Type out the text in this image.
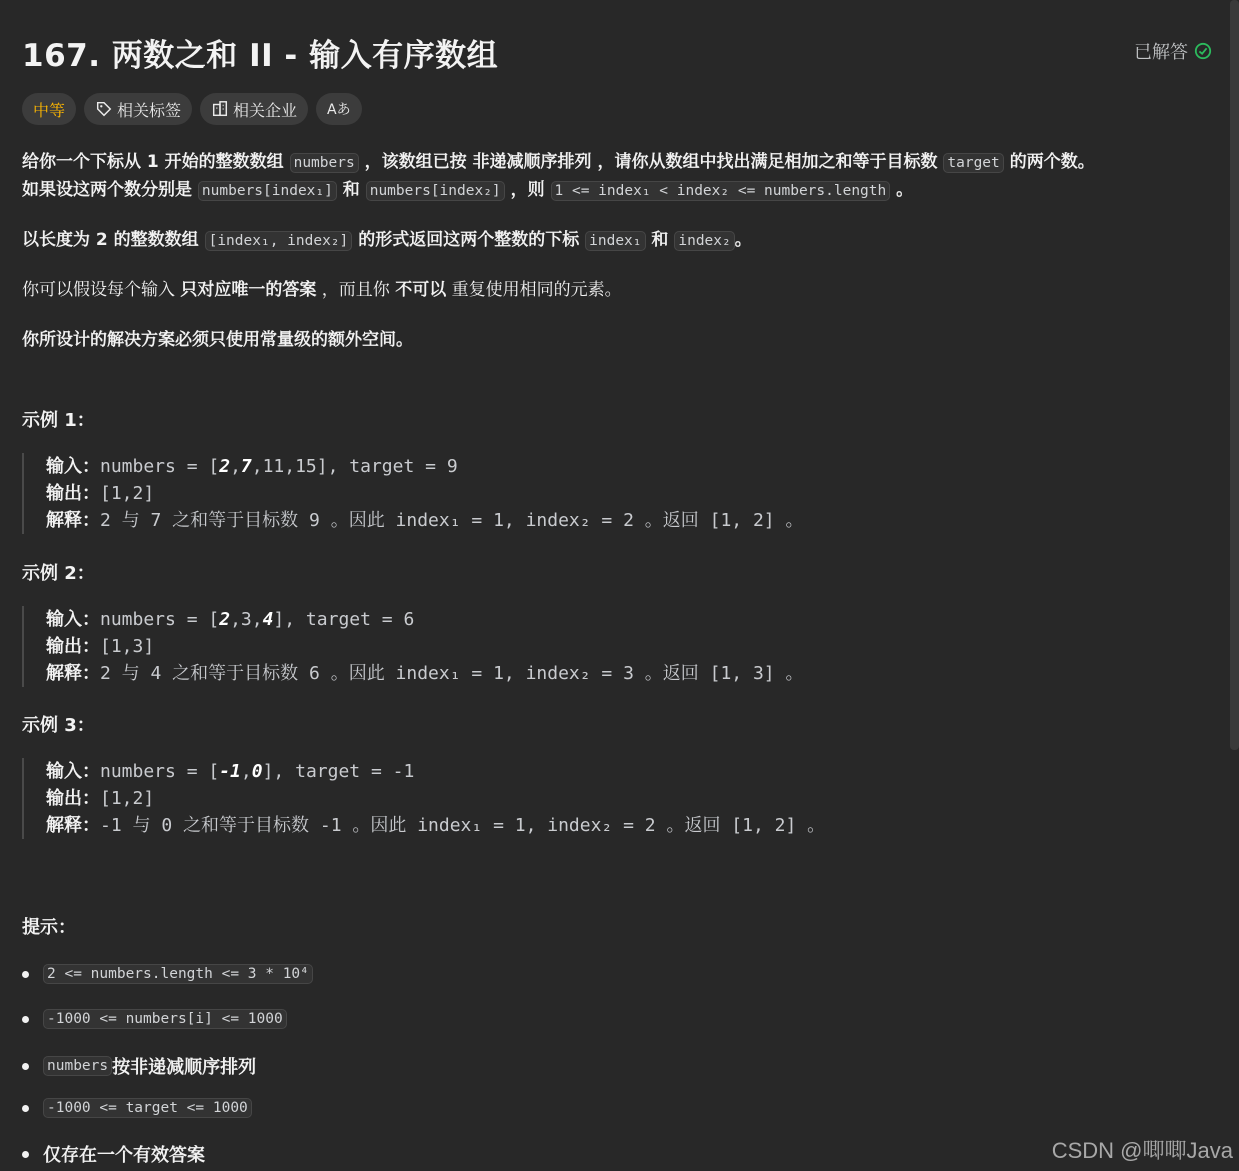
167. 两数之和 II - 输入有序数组	已解答
中等	相关标签	相关企业 Aあ
给你一个下标从 1 开始的整数数组 numbers ，该数组已按 非递减顺序排列 ，请你从数组中找出满足相加之和等于目标数 target 的两个数。
如果设这两个数分别是 numbers[index₁] 和 numbers[index₂] ，则 1 <= index₁ < index₂ <= numbers.length 。
以长度为 2 的整数数组 [index₁, index₂] 的形式返回这两个整数的下标 index₁ 和 index₂ 。
你可以假设每个输入 只对应唯一的答案 ，而且你 不可以 重复使用相同的元素。
你所设计的解决方案必须只使用常量级的额外空间。
示例 1：
输入：numbers = [2,7,11,15], target = 9
输出：[1,2]
解释：2 与 7 之和等于目标数 9 。因此 index₁ = 1, index₂ = 2 。返回 [1, 2] 。
示例 2：
输入：numbers = [2,3,4], target = 6
输出：[1,3]
解释：2 与 4 之和等于目标数 6 。因此 index₁ = 1, index₂ = 3 。返回 [1, 3] 。
示例 3：
输入：numbers = [-1,0], target = -1
输出：[1,2]
解释：-1 与 0 之和等于目标数 -1 。因此 index₁ = 1, index₂ = 2 。返回 [1, 2] 。
提示：
2 <= numbers.length <= 3 * 10⁴
-1000 <= numbers[i] <= 1000
numbers 按 非递减顺序 排列
-1000 <= target <= 1000
仅存在一个有效答案	CSDN @唧唧Java
